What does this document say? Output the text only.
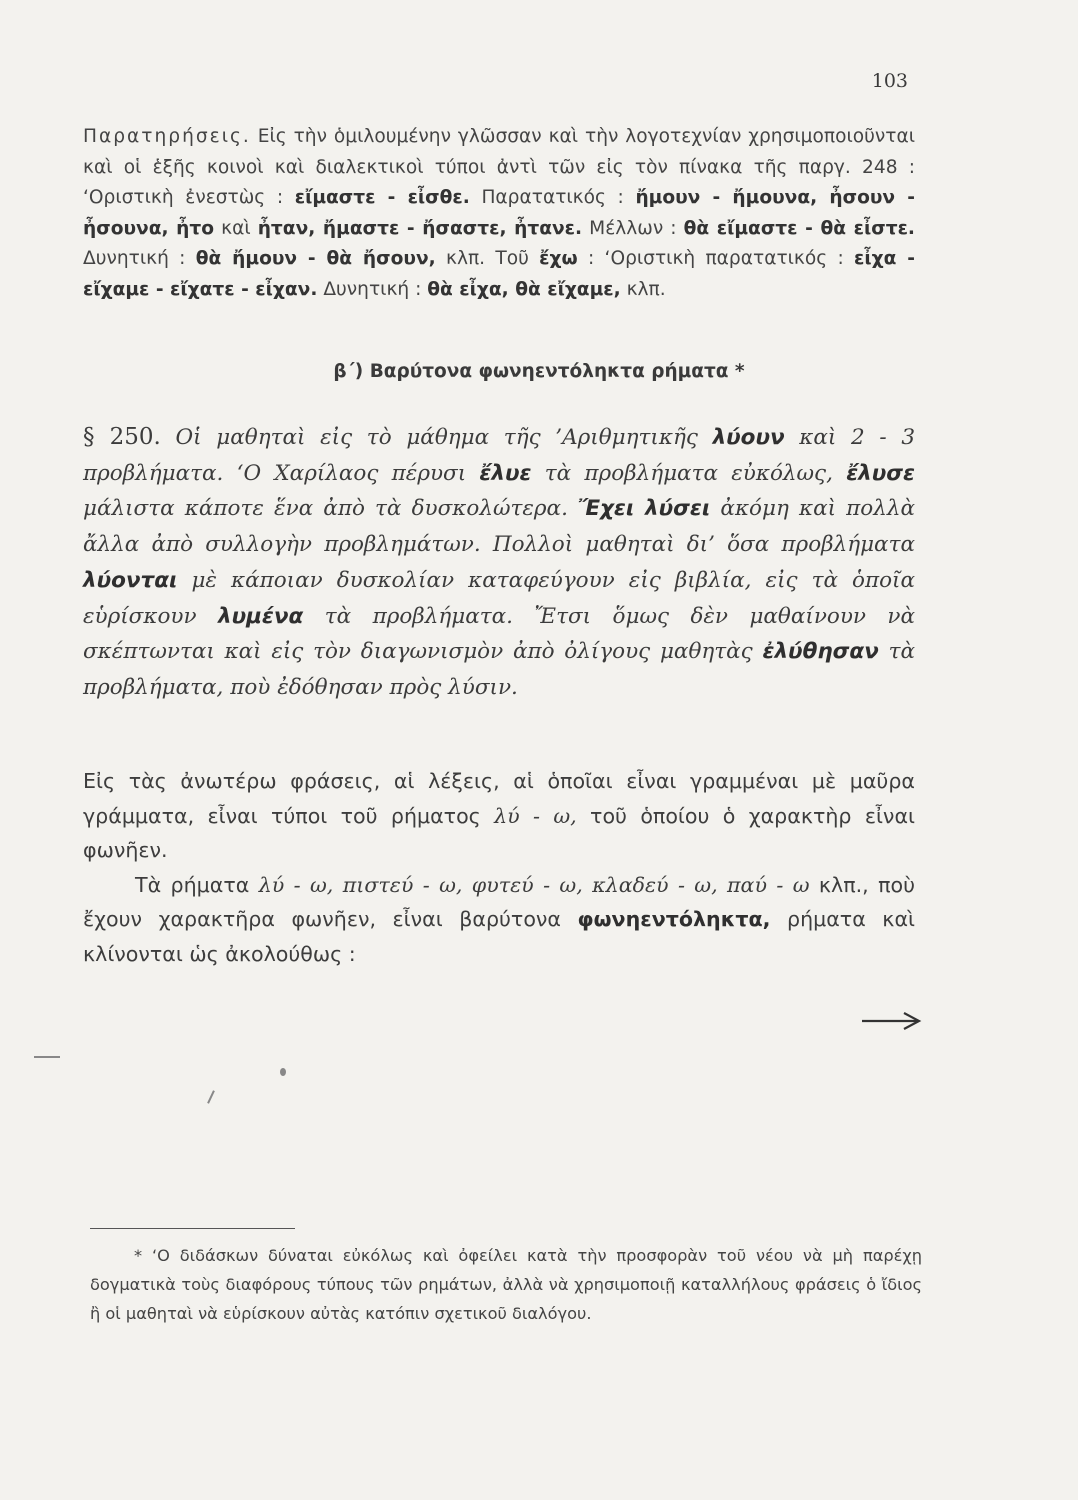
103
Παρατηρήσεις. Εἰς τὴν ὁμιλουμένην γλῶσσαν καὶ τὴν λογοτεχνίαν χρησιμοποιοῦνται καὶ οἱ ἑξῆς κοινοὶ καὶ διαλεκτικοὶ τύποι ἀντὶ τῶν εἰς τὸν πίνακα τῆς παργ. 248 : ‘Οριστικὴ ἐνεστὼς : εἴμαστε - εἶσθε. Παρατατικός : ἤμουν - ἤμουνα, ἦσουν - ἦσουνα, ἦτο καὶ ἦταν, ἤμαστε - ἤσαστε, ἦτανε. Μέλλων : θὰ εἴμαστε - θὰ εἶστε. Δυνητική : θὰ ἤμουν - θὰ ἤσουν, κλπ. Τοῦ ἔχω : ‘Οριστικὴ παρατατικός : εἶχα - εἴχαμε - εἴχατε - εἶχαν. Δυνητική : θὰ εἶχα, θὰ εἴχαμε, κλπ.
β΄) Βαρύτονα φωνηεντόληκτα ρήματα *
§ 250. Οἱ μαθηταὶ εἰς τὸ μάθημα τῆς ’Αριθμητικῆς λύουν καὶ 2 - 3 προβλήματα. ‘Ο Χαρίλαος πέρυσι ἔλυε τὰ προβλήματα εὐκόλως, ἔλυσε μάλιστα κάποτε ἕνα ἀπὸ τὰ δυσκολώτερα. Ἔχει λύσει ἀκόμη καὶ πολλὰ ἄλλα ἀπὸ συλλογὴν προβλημάτων. Πολλοὶ μαθηταὶ δι’ ὅσα προβλήματα λύονται μὲ κάποιαν δυσκολίαν καταφεύγουν εἰς βιβλία, εἰς τὰ ὁποῖα εὑρίσκουν λυμένα τὰ προβλήματα. Ἔτσι ὅμως δὲν μαθαίνουν νὰ σκέπτωνται καὶ εἰς τὸν διαγωνισμὸν ἀπὸ ὀλίγους μαθητὰς ἐλύθησαν τὰ προβλήματα, ποὺ ἐδόθησαν πρὸς λύσιν.

Εἰς τὰς ἀνωτέρω φράσεις, αἱ λέξεις, αἱ ὁποῖαι εἶναι γραμμέναι μὲ μαῦρα γράμματα, εἶναι τύποι τοῦ ρήματος λύ - ω, τοῦ ὁποίου ὁ χαρακτὴρ εἶναι φωνῆεν.

Τὰ ρήματα λύ - ω, πιστεύ - ω, φυτεύ - ω, κλαδεύ - ω, παύ - ω κλπ., ποὺ ἔχουν χαρακτῆρα φωνῆεν, εἶναι βαρύτονα φωνηεντόληκτα, ρήματα καὶ κλίνονται ὡς ἀκολούθως :

* ‘Ο διδάσκων δύναται εὐκόλως καὶ ὀφείλει κατὰ τὴν προσφορὰν τοῦ νέου νὰ μὴ παρέχῃ δογματικὰ τοὺς διαφόρους τύπους τῶν ρημάτων, ἀλλὰ νὰ χρησιμοποιῇ καταλλήλους φράσεις ὁ ἴδιος ἢ οἱ μαθηταὶ νὰ εὑρίσκουν αὐτὰς κατόπιν σχετικοῦ διαλόγου.
